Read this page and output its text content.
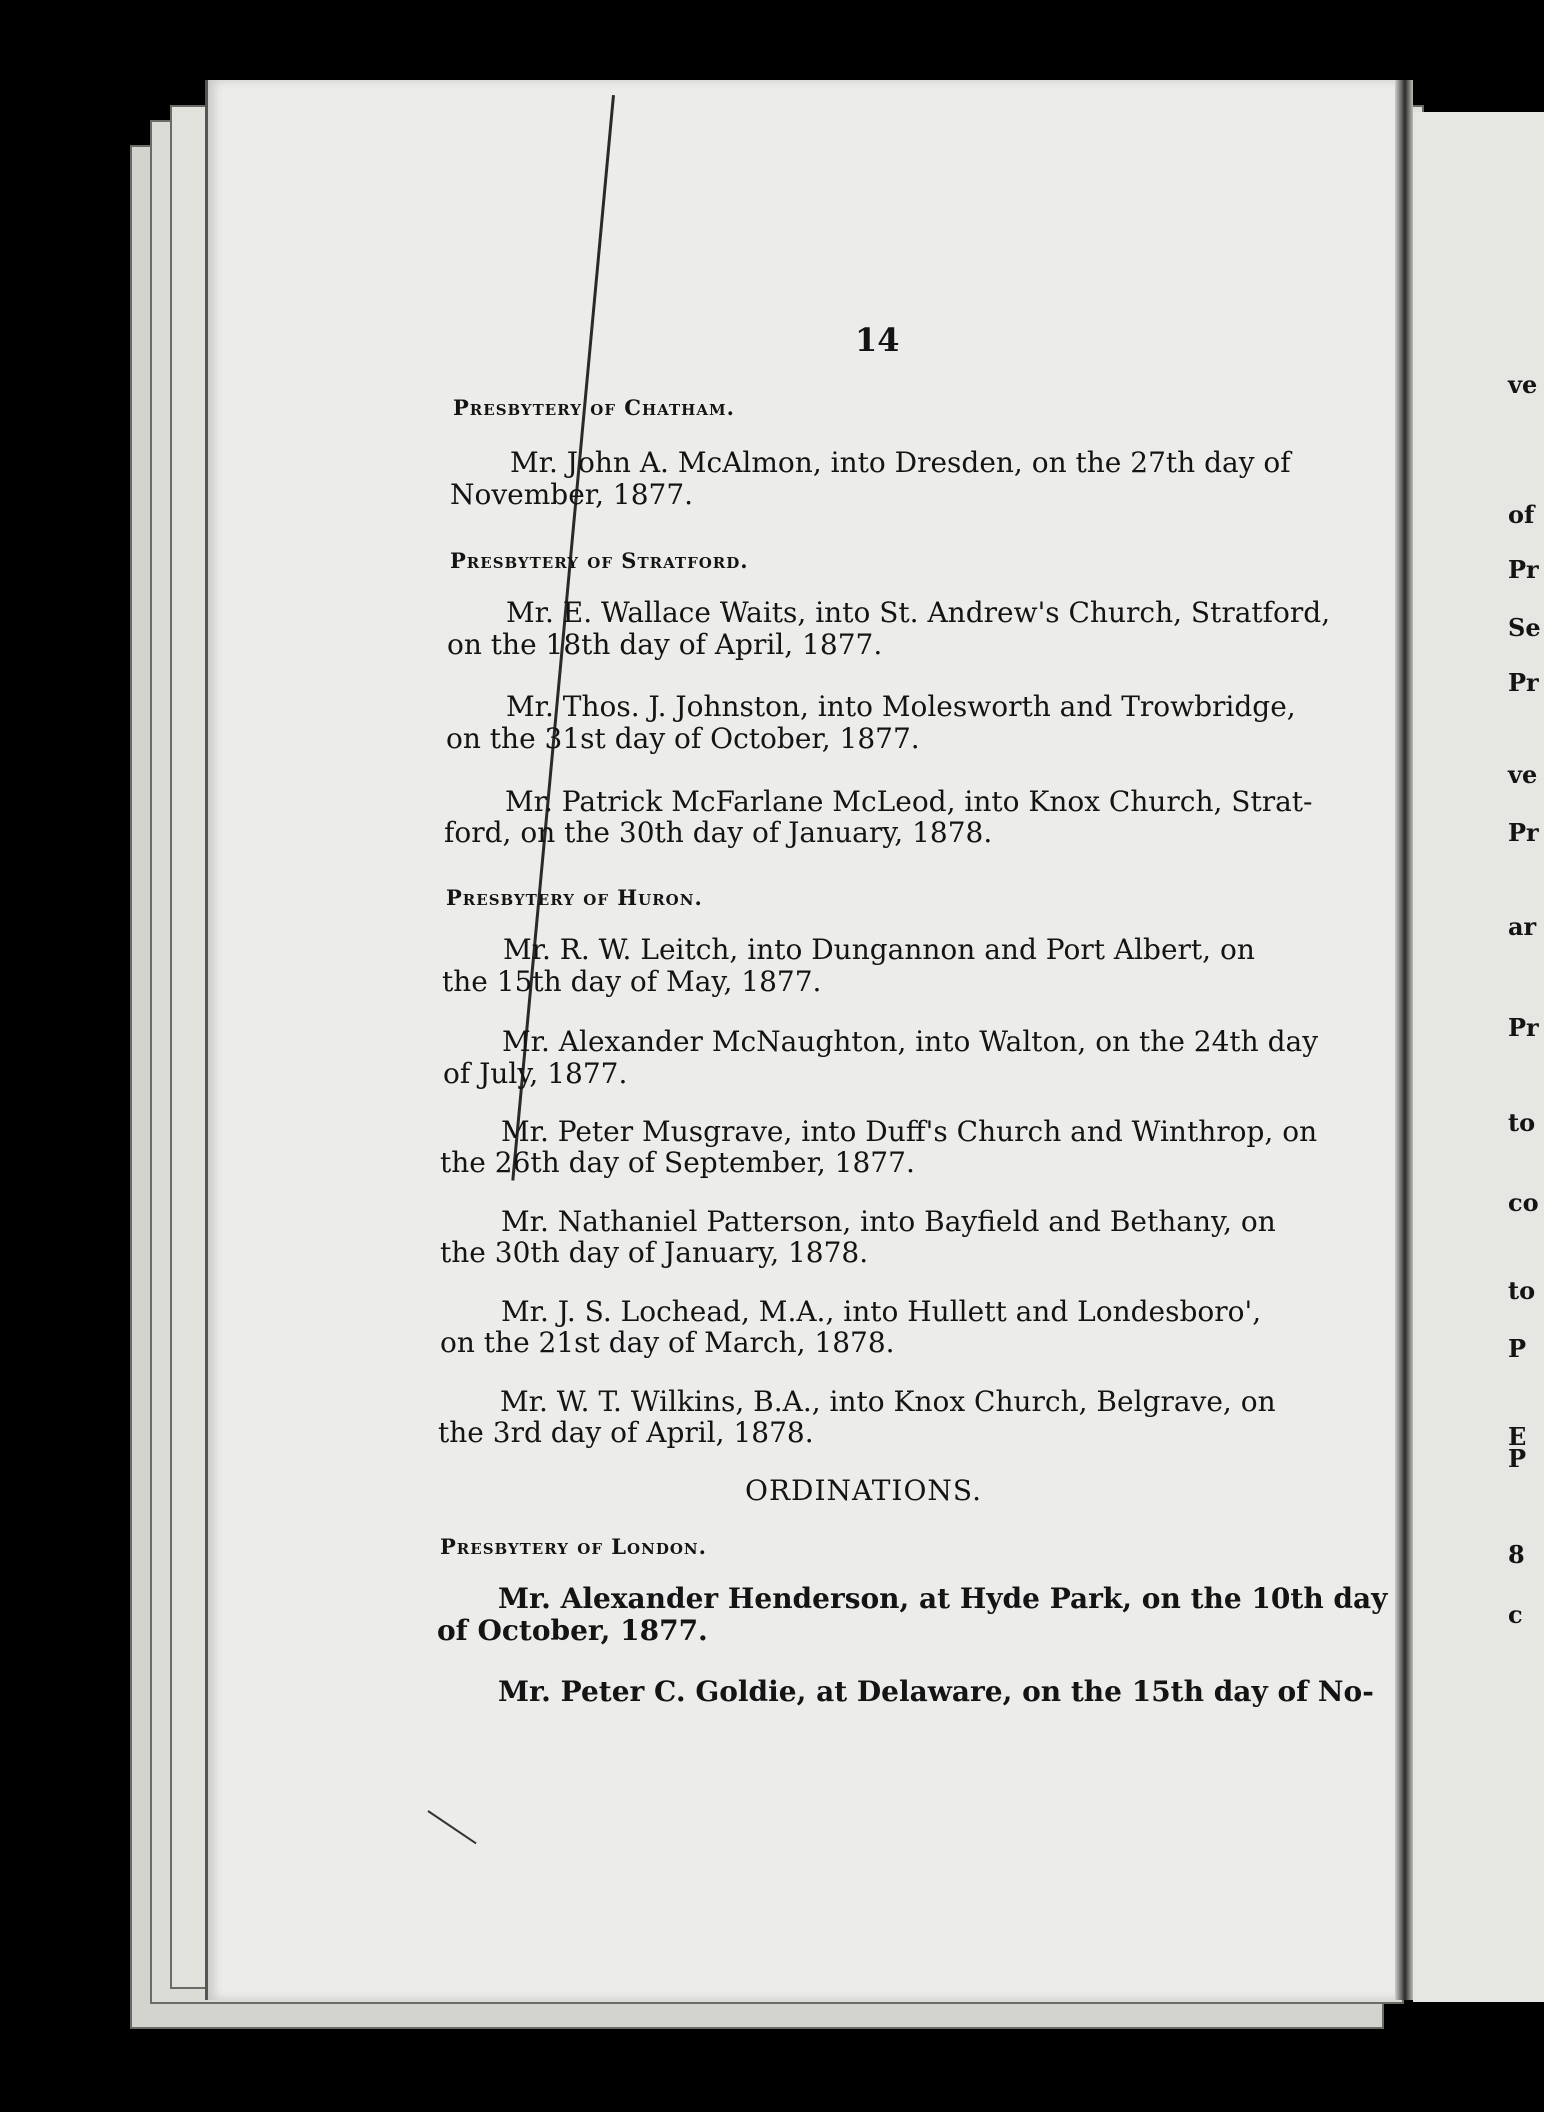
14
Presbytery of Chatham.
Mr. John A. McAlmon, into Dresden, on the 27th day of
November, 1877.
Presbytery of Stratford.
Mr. E. Wallace Waits, into St. Andrew's Church, Stratford,
on the 18th day of April, 1877.
Mr. Thos. J. Johnston, into Molesworth and Trowbridge,
on the 31st day of October, 1877.
Mr. Patrick McFarlane McLeod, into Knox Church, Strat-
ford, on the 30th day of January, 1878.
Presbytery of Huron.
Mr. R. W. Leitch, into Dungannon and Port Albert, on
the 15th day of May, 1877.
Mr. Alexander McNaughton, into Walton, on the 24th day
of July, 1877.
Mr. Peter Musgrave, into Duff's Church and Winthrop, on
the 26th day of September, 1877.
Mr. Nathaniel Patterson, into Bayfield and Bethany, on
the 30th day of January, 1878.
Mr. J. S. Lochead, M.A., into Hullett and Londesboro',
on the 21st day of March, 1878.
Mr. W. T. Wilkins, B.A., into Knox Church, Belgrave, on
the 3rd day of April, 1878.
ORDINATIONS.
Presbytery of London.
Mr. Alexander Henderson, at Hyde Park, on the 10th day
of October, 1877.
Mr. Peter C. Goldie, at Delaware, on the 15th day of No-
ve
of
Pr
Se
Pr
ve
Pr
ar
Pr
to
co
to
P
E
P
8
c
